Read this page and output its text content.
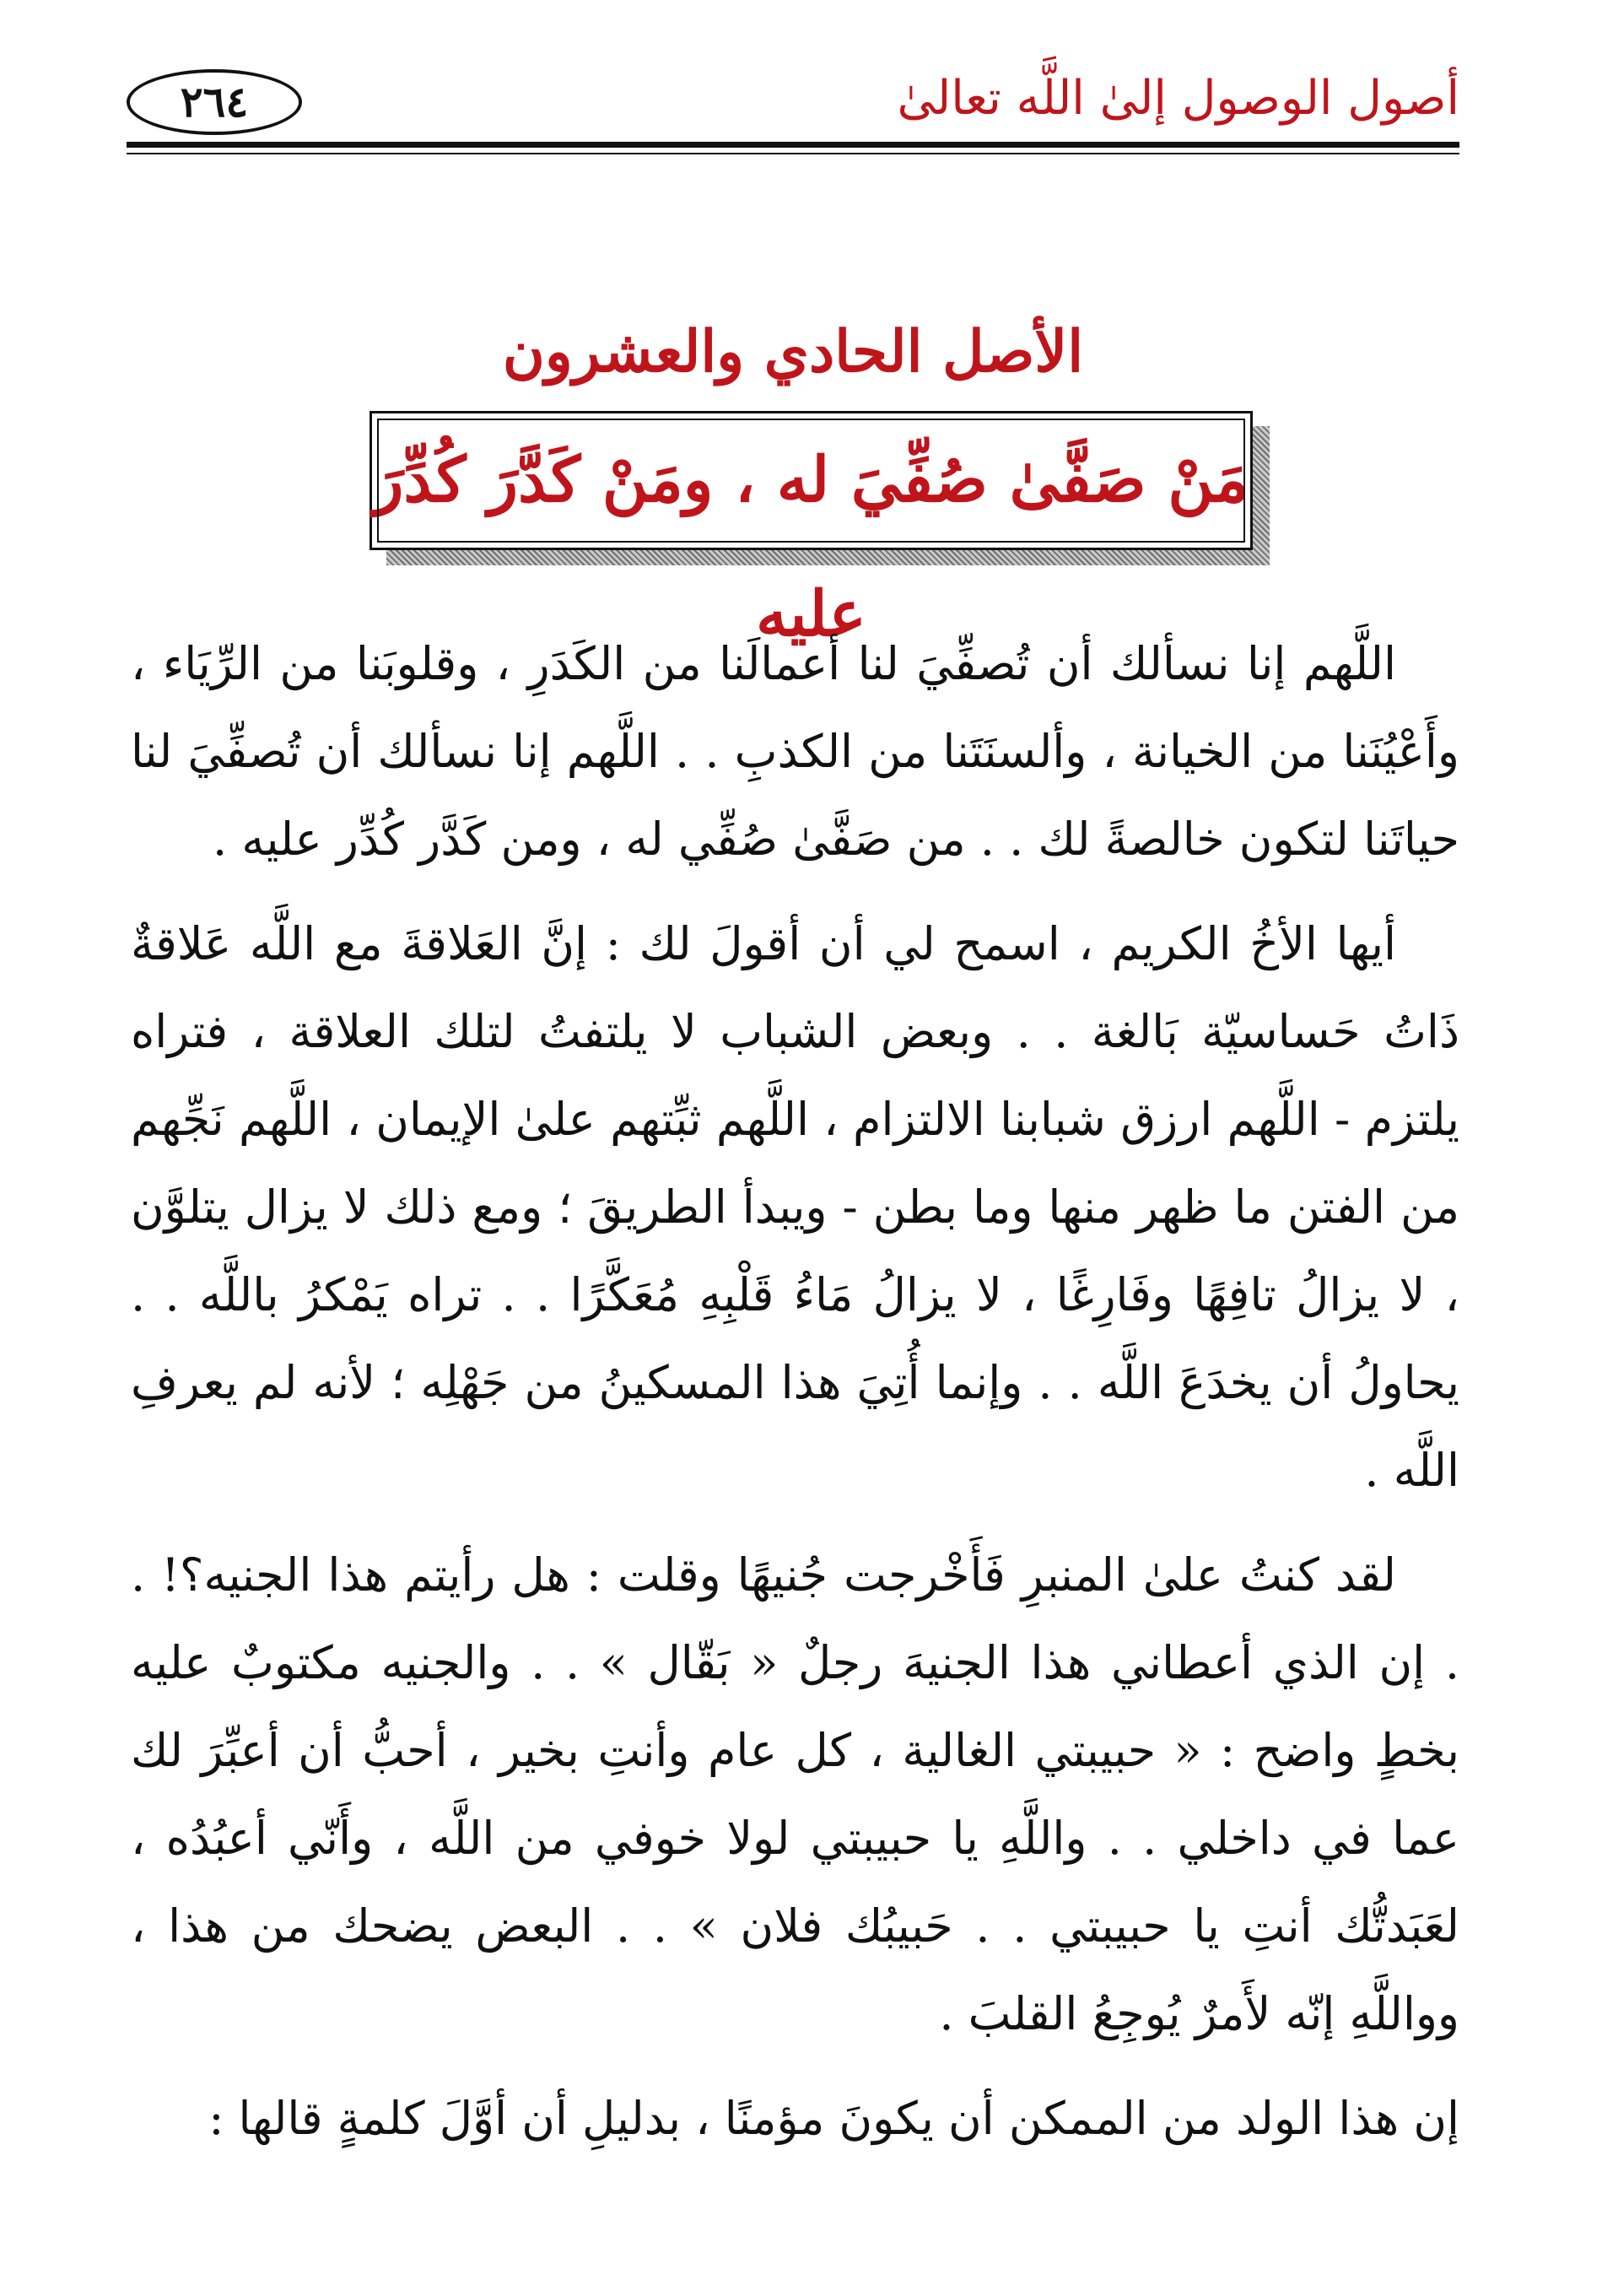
أصول الوصول إلىٰ اللَّه تعالىٰ
٢٦٤
الأصل الحادي والعشرون
مَنْ صَفَّىٰ صُفِّيَ له ، ومَنْ كَدَّرَ كُدِّرَ عليه

اللَّهم إنا نسألك أن تُصفِّيَ لنا أعمالَنا من الكَدَرِ ، وقلوبَنا من الرِّيَاء ، وأَعْيُنَنا من الخيانة ، وألسنَتَنا من الكذبِ . . اللَّهم إنا نسألك أن تُصفِّيَ لنا حياتَنا لتكون خالصةً لك . . من صَفَّىٰ صُفِّي له ، ومن كَدَّر كُدِّر عليه .

أيها الأخُ الكريم ، اسمح لي أن أقولَ لك : إنَّ العَلاقةَ مع اللَّه عَلاقةٌ ذَاتُ حَساسيّة بَالغة . . وبعض الشباب لا يلتفتُ لتلك العلاقة ، فتراه يلتزم - اللَّهم ارزق شبابنا الالتزام ، اللَّهم ثبِّتهم علىٰ الإيمان ، اللَّهم نَجِّهم من الفتن ما ظهر منها وما بطن - ويبدأ الطريقَ ؛ ومع ذلك لا يزال يتلوَّن ، لا يزالُ تافِهًا وفَارِغًا ، لا يزالُ مَاءُ قَلْبِهِ مُعَكَّرًا . . تراه يَمْكرُ باللَّه . . يحاولُ أن يخدَعَ اللَّه . . وإنما أُتِيَ هذا المسكينُ من جَهْلِه ؛ لأنه لم يعرفِ اللَّه .

لقد كنتُ علىٰ المنبرِ فَأَخْرجت جُنيهًا وقلت : هل رأيتم هذا الجنيه؟! . . إن الذي أعطاني هذا الجنيهَ رجلٌ « بَقّال » . . والجنيه مكتوبٌ عليه بخطٍ واضح : « حبيبتي الغالية ، كل عام وأنتِ بخير ، أحبُّ أن أعبِّرَ لك عما في داخلي . . واللَّهِ يا حبيبتي لولا خوفي من اللَّه ، وأَنّي أعبُدُه ، لعَبَدتُّك أنتِ يا حبيبتي . . حَبيبُك فلان » . . البعض يضحك من هذا ، وواللَّهِ إنّه لأَمرٌ يُوجِعُ القلبَ .

إن هذا الولد من الممكن أن يكونَ مؤمنًا ، بدليلِ أن أوَّلَ كلمةٍ قالها :
